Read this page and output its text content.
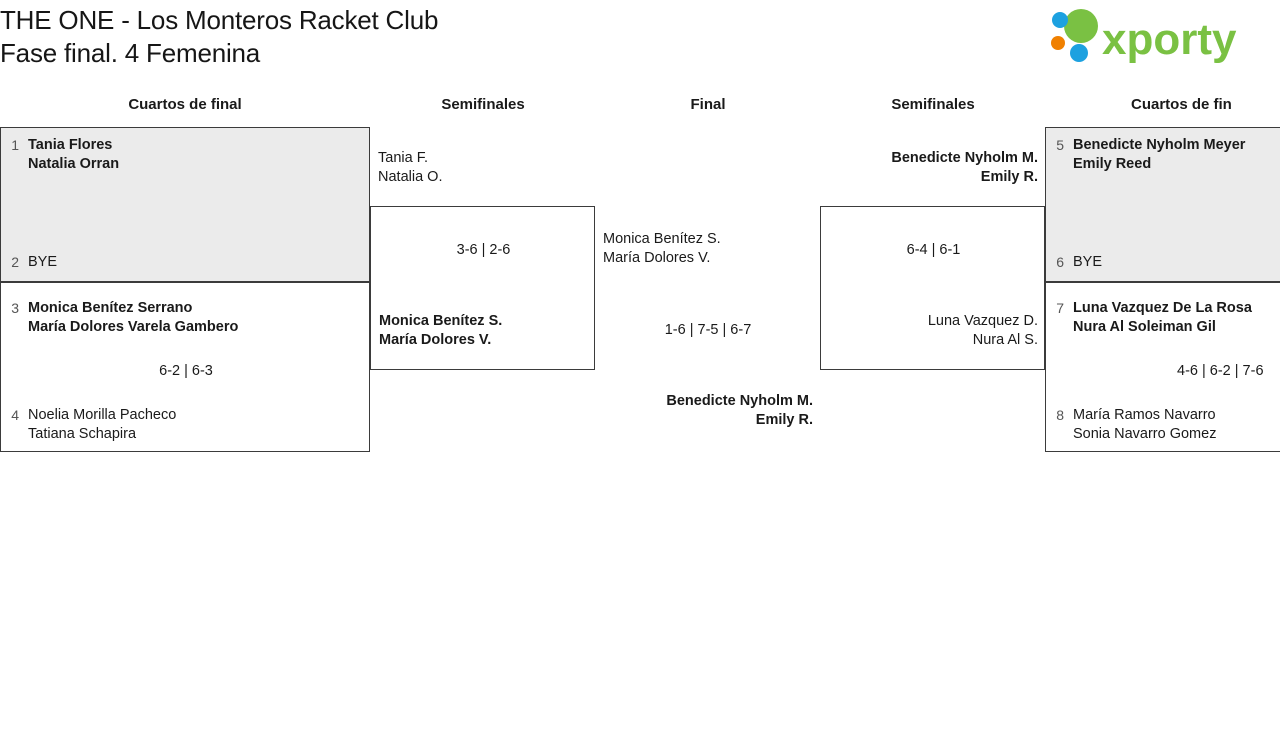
THE ONE - Los Monteros Racket Club
Fase final. 4 Femenina	xporty
Cuartos de final	Semifinales	Final	Semifinales	Cuartos de fin
1 Tania Flores
Natalia Orran
2 BYE
3 Monica Benítez Serrano
María Dolores Varela Gambero
6-2 | 6-3
4 Noelia Morilla Pacheco
Tatiana Schapira
Tania F.
Natalia O.
3-6 | 2-6
Monica Benítez S.
María Dolores V.
Monica Benítez S.
María Dolores V.
1-6 | 7-5 | 6-7
Benedicte Nyholm M.
Emily R.
Benedicte Nyholm M.
Emily R.
6-4 | 6-1
Luna Vazquez D.
Nura Al S.
5 Benedicte Nyholm Meyer
Emily Reed
6 BYE
7 Luna Vazquez De La Rosa
Nura Al Soleiman Gil
4-6 | 6-2 | 7-6
8 María Ramos Navarro
Sonia Navarro Gomez
